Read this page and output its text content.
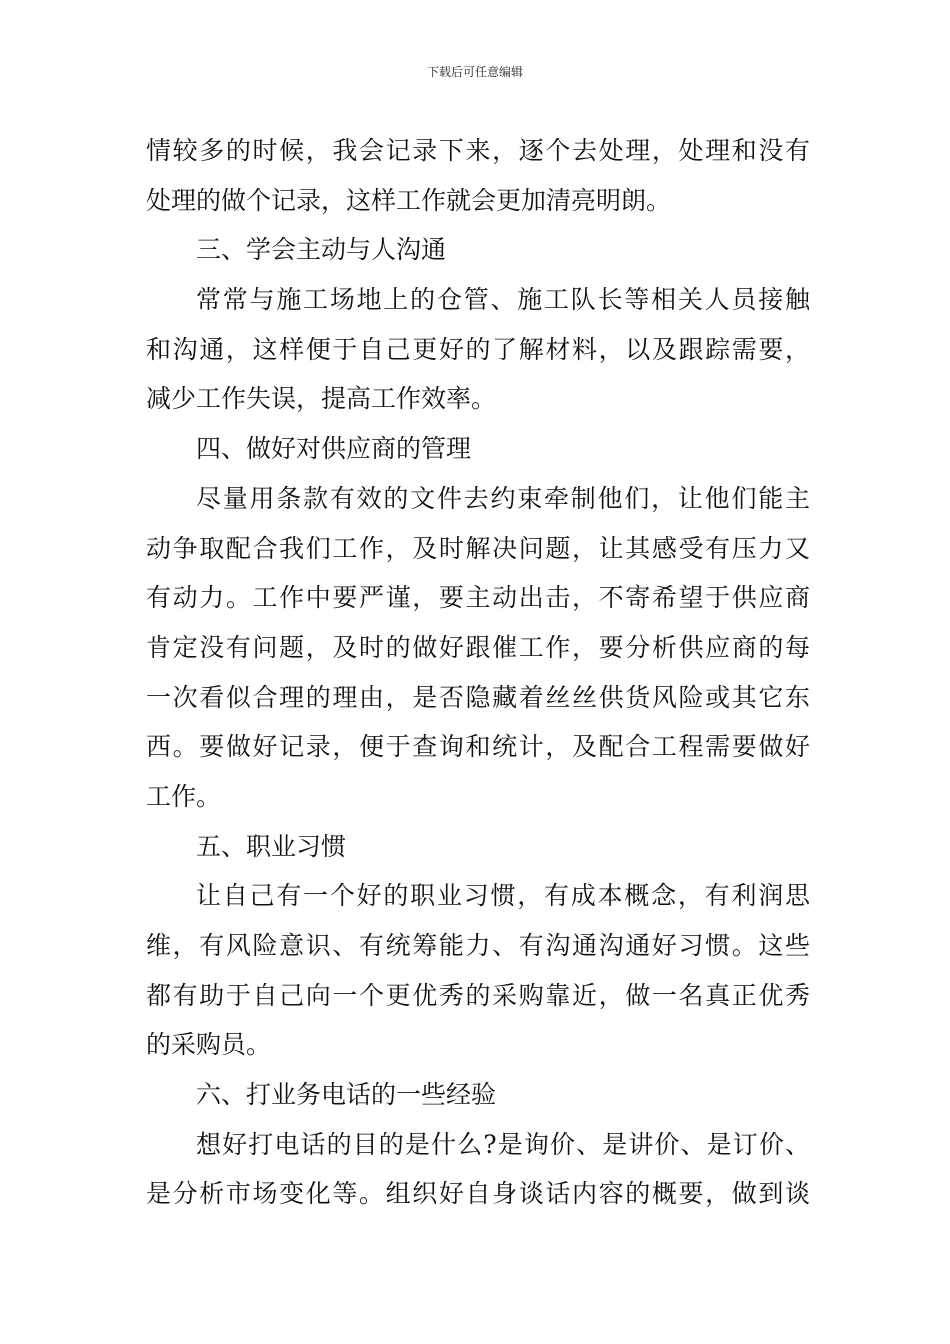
下载后可任意编辑
情较多的时候，我会记录下来，逐个去处理，处理和没有
处理的做个记录，这样工作就会更加清亮明朗。
三、学会主动与人沟通
常常与施工场地上的仓管、施工队长等相关人员接触
和沟通，这样便于自己更好的了解材料，以及跟踪需要，
减少工作失误，提高工作效率。
四、做好对供应商的管理
尽量用条款有效的文件去约束牵制他们，让他们能主
动争取配合我们工作，及时解决问题，让其感受有压力又
有动力。工作中要严谨，要主动出击，不寄希望于供应商
肯定没有问题，及时的做好跟催工作，要分析供应商的每
一次看似合理的理由，是否隐藏着丝丝供货风险或其它东
西。要做好记录，便于查询和统计，及配合工程需要做好
工作。
五、职业习惯
让自己有一个好的职业习惯，有成本概念，有利润思
维，有风险意识、有统筹能力、有沟通沟通好习惯。这些
都有助于自己向一个更优秀的采购靠近，做一名真正优秀
的采购员。
六、打业务电话的一些经验
想好打电话的目的是什么?是询价、是讲价、是订价、
是分析市场变化等。组织好自身谈话内容的概要，做到谈
